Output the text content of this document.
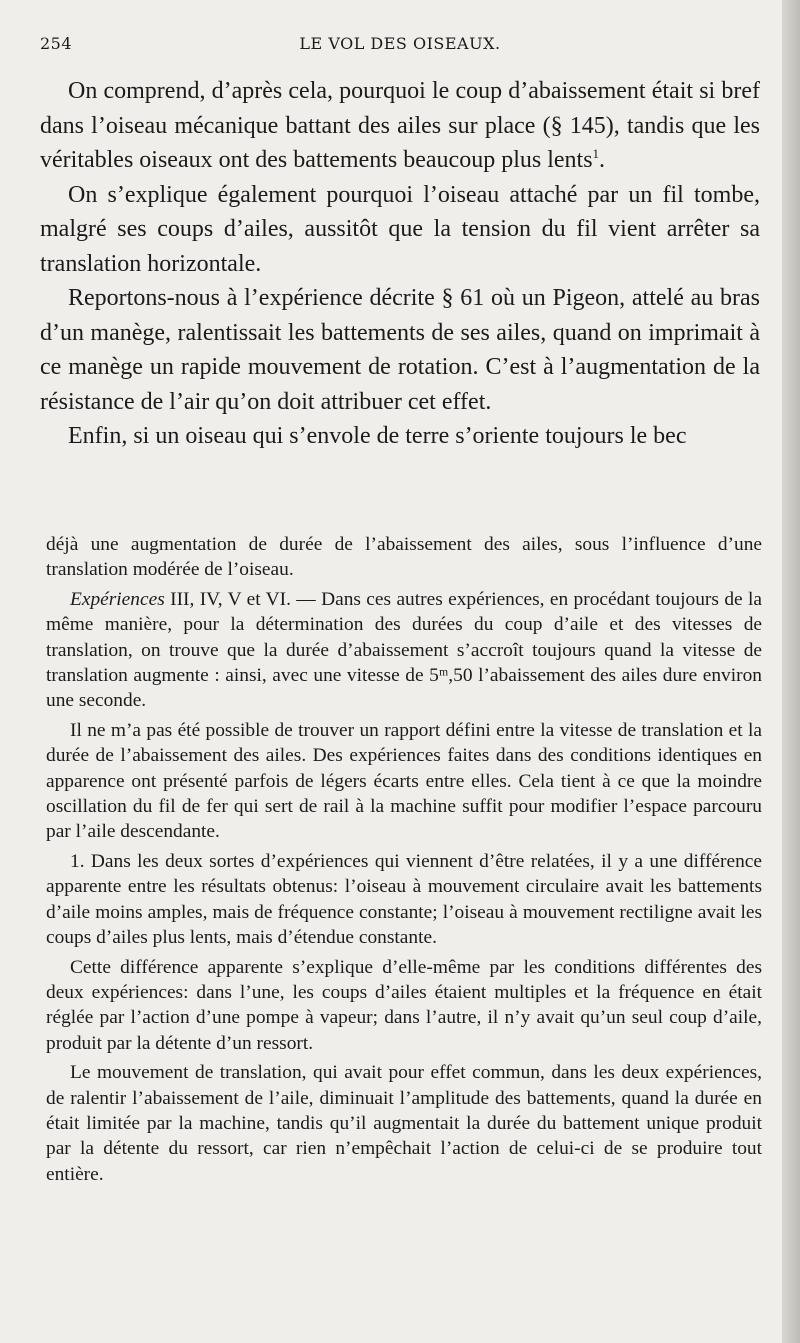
254	LE VOL DES OISEAUX.

On comprend, d’après cela, pourquoi le coup d’abaissement était si bref dans l’oiseau mécanique battant des ailes sur place (§ 145), tandis que les véritables oiseaux ont des battements beaucoup plus lents$^1$.

On s’explique également pourquoi l’oiseau attaché par un fil tombe, malgré ses coups d’ailes, aussitôt que la tension du fil vient arrêter sa translation horizontale.

Reportons-nous à l’expérience décrite § 61 où un Pigeon, attelé au bras d’un manège, ralentissait les battements de ses ailes, quand on imprimait à ce manège un rapide mouvement de rotation. C’est à l’augmentation de la résistance de l’air qu’on doit attribuer cet effet.

Enfin, si un oiseau qui s’envole de terre s’oriente toujours le bec

déjà une augmentation de durée de l’abaissement des ailes, sous l’influence d’une translation modérée de l’oiseau.

Expériences III, IV, V et VI. — Dans ces autres expériences, en procédant toujours de la même manière, pour la détermination des durées du coup d’aile et des vitesses de translation, on trouve que la durée d’abaissement s’accroît toujours quand la vitesse de translation augmente : ainsi, avec une vitesse de 5ᵐ,50 l’abaissement des ailes dure environ une seconde.

Il ne m’a pas été possible de trouver un rapport défini entre la vitesse de translation et la durée de l’abaissement des ailes. Des expériences faites dans des conditions identiques en apparence ont présenté parfois de légers écarts entre elles. Cela tient à ce que la moindre oscillation du fil de fer qui sert de rail à la machine suffit pour modifier l’espace parcouru par l’aile descendante.

1. Dans les deux sortes d’expériences qui viennent d’être relatées, il y a une différence apparente entre les résultats obtenus: l’oiseau à mouvement circulaire avait les battements d’aile moins amples, mais de fréquence constante; l’oiseau à mouvement rectiligne avait les coups d’ailes plus lents, mais d’étendue constante.

Cette différence apparente s’explique d’elle-même par les conditions différentes des deux expériences: dans l’une, les coups d’ailes étaient multiples et la fréquence en était réglée par l’action d’une pompe à vapeur; dans l’autre, il n’y avait qu’un seul coup d’aile, produit par la détente d’un ressort.

Le mouvement de translation, qui avait pour effet commun, dans les deux expériences, de ralentir l’abaissement de l’aile, diminuait l’amplitude des battements, quand la durée en était limitée par la machine, tandis qu’il augmentait la durée du battement unique produit par la détente du ressort, car rien n’empêchait l’action de celui-ci de se produire tout entière.
